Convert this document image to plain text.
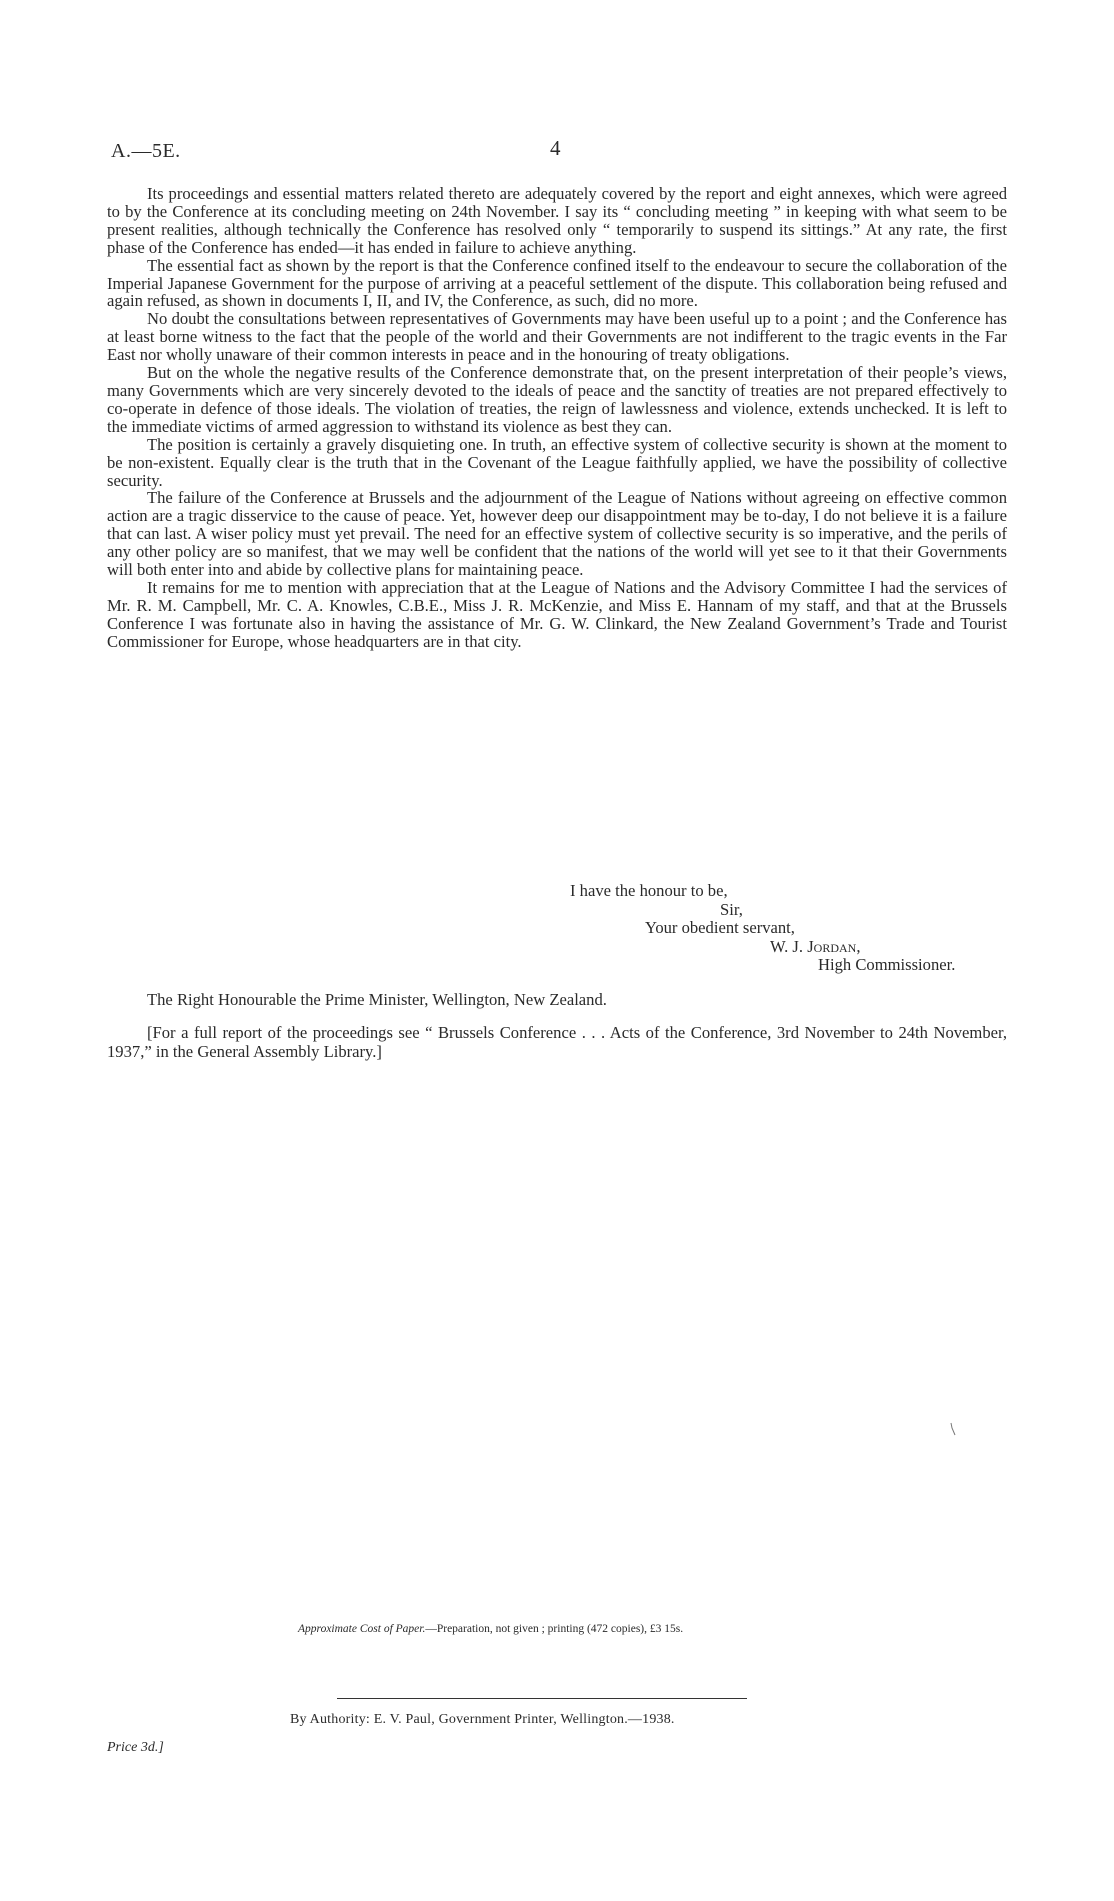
A.—5E.	4

Its proceedings and essential matters related thereto are adequately covered by the report and eight annexes, which were agreed to by the Conference at its concluding meeting on 24th November. I say its “ concluding meeting ” in keeping with what seem to be present realities, although technically the Conference has resolved only “ temporarily to suspend its sittings.” At any rate, the first phase of the Conference has ended—it has ended in failure to achieve anything.

The essential fact as shown by the report is that the Conference confined itself to the endeavour to secure the collaboration of the Imperial Japanese Government for the purpose of arriving at a peaceful settlement of the dispute. This collaboration being refused and again refused, as shown in documents I, II, and IV, the Conference, as such, did no more.

No doubt the consultations between representatives of Governments may have been useful up to a point ; and the Conference has at least borne witness to the fact that the people of the world and their Governments are not indifferent to the tragic events in the Far East nor wholly unaware of their common interests in peace and in the honouring of treaty obligations.

But on the whole the negative results of the Conference demonstrate that, on the present interpretation of their people’s views, many Governments which are very sincerely devoted to the ideals of peace and the sanctity of treaties are not prepared effectively to co-operate in defence of those ideals. The violation of treaties, the reign of lawlessness and violence, extends unchecked. It is left to the immediate victims of armed aggression to withstand its violence as best they can.

The position is certainly a gravely disquieting one. In truth, an effective system of collective security is shown at the moment to be non-existent. Equally clear is the truth that in the Covenant of the League faithfully applied, we have the possibility of collective security.

The failure of the Conference at Brussels and the adjournment of the League of Nations without agreeing on effective common action are a tragic disservice to the cause of peace. Yet, however deep our disappointment may be to-day, I do not believe it is a failure that can last. A wiser policy must yet prevail. The need for an effective system of collective security is so imperative, and the perils of any other policy are so manifest, that we may well be confident that the nations of the world will yet see to it that their Governments will both enter into and abide by collective plans for maintaining peace.

It remains for me to mention with appreciation that at the League of Nations and the Advisory Committee I had the services of Mr. R. M. Campbell, Mr. C. A. Knowles, C.B.E., Miss J. R. McKenzie, and Miss E. Hannam of my staff, and that at the Brussels Conference I was fortunate also in having the assistance of Mr. G. W. Clinkard, the New Zealand Government’s Trade and Tourist Commissioner for Europe, whose headquarters are in that city.

I have the honour to be,
Sir,
Your obedient servant,
W. J. Jordan,
High Commissioner.
The Right Honourable the Prime Minister, Wellington, New Zealand.
[For a full report of the proceedings see “ Brussels Conference . . . Acts of the Conference, 3rd November to 24th November, 1937,” in the General Assembly Library.]
Approximate Cost of Paper.—Preparation, not given ; printing (472 copies), £3 15s.
By Authority: E. V. Paul, Government Printer, Wellington.—1938.
Price 3d.]
